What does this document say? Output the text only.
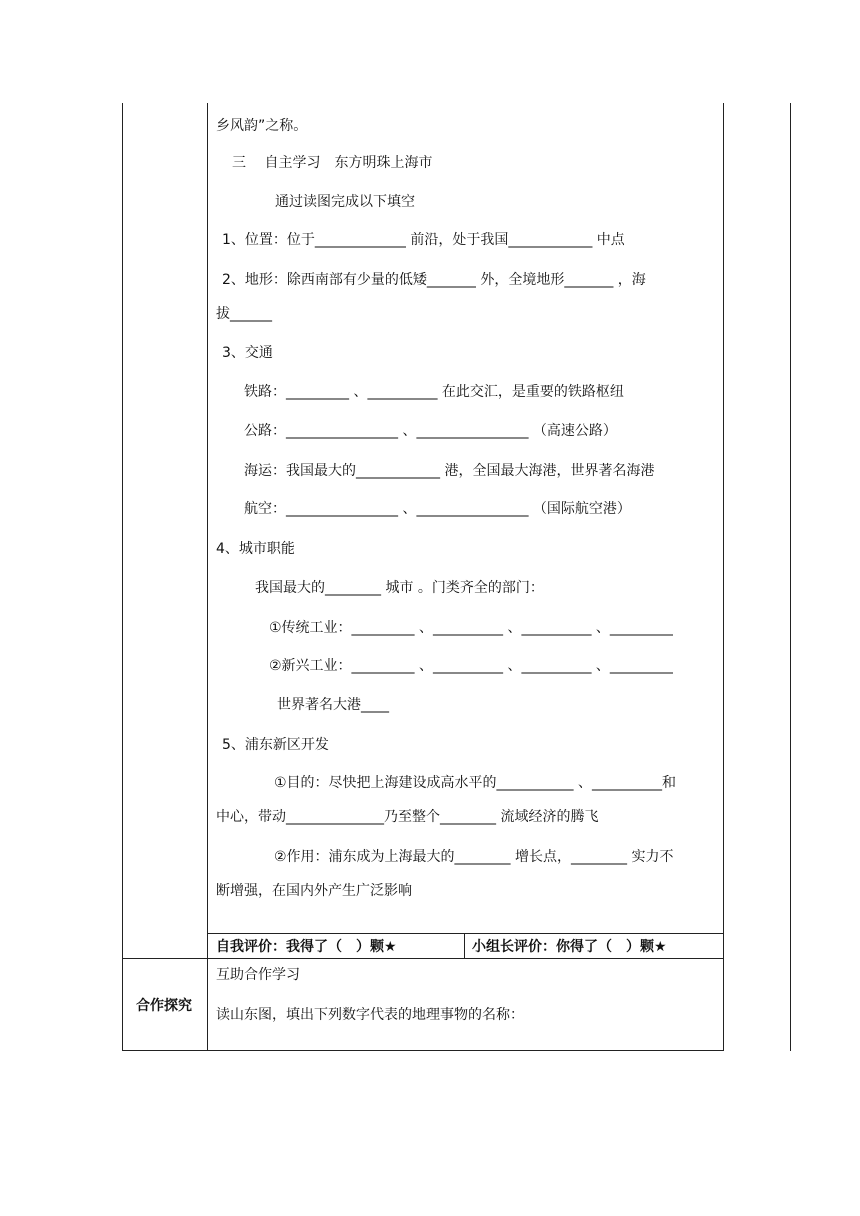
乡风韵”之称。
三　 自主学习　东方明珠上海市
通过读图完成以下填空
1、位置：位于_____________ 前沿，处于我国____________ 中点
2、地形：除西南部有少量的低矮_______ 外，全境地形_______ ，海
拔______
3、交通
铁路：_________ 、__________ 在此交汇，是重要的铁路枢纽
公路：________________ 、________________ （高速公路）
海运：我国最大的____________ 港，全国最大海港，世界著名海港
航空：________________ 、________________ （国际航空港）
4、城市职能
我国最大的________ 城市 。门类齐全的部门：
①传统工业：_________ 、__________ 、__________ 、_________
②新兴工业：_________ 、__________ 、__________ 、_________
世界著名大港____
5、浦东新区开发
①目的：尽快把上海建设成高水平的___________ 、__________和
中心，带动______________乃至整个________ 流域经济的腾飞
②作用：浦东成为上海最大的________ 增长点，________ 实力不
断增强，在国内外产生广泛影响
自我评价：我得了（　）颗★	小组长评价：你得了（　）颗★
合作探究
互助合作学习
读山东图，填出下列数字代表的地理事物的名称：
